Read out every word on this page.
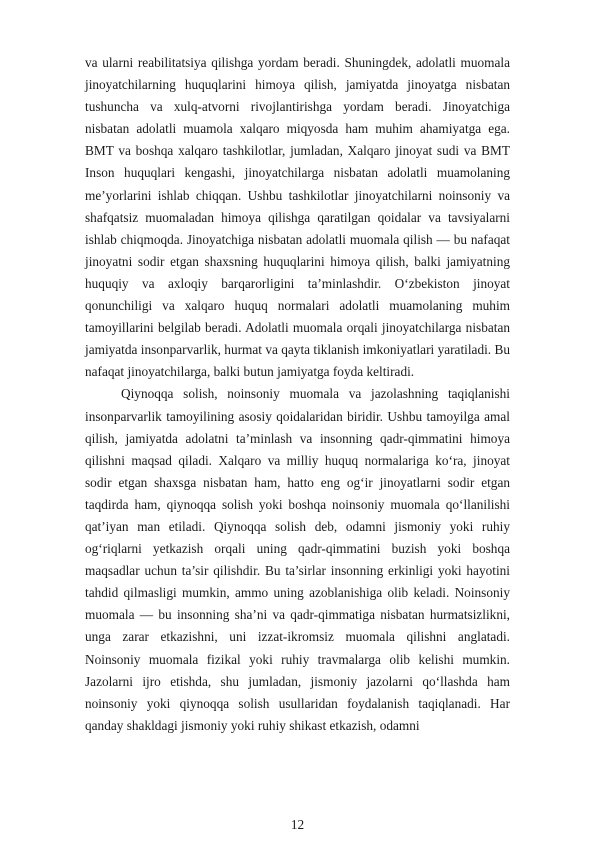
va ularni reabilitatsiya qilishga yordam beradi. Shuningdek, adolatli muomala jinoyatchilarning huquqlarini himoya qilish, jamiyatda jinoyatga nisbatan tushuncha va xulq-atvorni rivojlantirishga yordam beradi. Jinoyatchiga nisbatan adolatli muamola xalqaro miqyosda ham muhim ahamiyatga ega. BMT va boshqa xalqaro tashkilotlar, jumladan, Xalqaro jinoyat sudi va BMT Inson huquqlari kengashi, jinoyatchilarga nisbatan adolatli muamolaning me’yorlarini ishlab chiqqan. Ushbu tashkilotlar jinoyatchilarni noinsoniy va shafqatsiz muomaladan himoya qilishga qaratilgan qoidalar va tavsiyalarni ishlab chiqmoqda. Jinoyatchiga nisbatan adolatli muomala qilish — bu nafaqat jinoyatni sodir etgan shaxsning huquqlarini himoya qilish, balki jamiyatning huquqiy va axloqiy barqarorligini ta’minlashdir. O‘zbekiston jinoyat qonunchiligi va xalqaro huquq normalari adolatli muamolaning muhim tamoyillarini belgilab beradi. Adolatli muomala orqali jinoyatchilarga nisbatan jamiyatda insonparvarlik, hurmat va qayta tiklanish imkoniyatlari yaratiladi. Bu nafaqat jinoyatchilarga, balki butun jamiyatga foyda keltiradi.

Qiynoqqa solish, noinsoniy muomala va jazolashning taqiqlanishi insonparvarlik tamoyilining asosiy qoidalaridan biridir. Ushbu tamoyilga amal qilish, jamiyatda adolatni ta’minlash va insonning qadr-qimmatini himoya qilishni maqsad qiladi. Xalqaro va milliy huquq normalariga ko‘ra, jinoyat sodir etgan shaxsga nisbatan ham, hatto eng og‘ir jinoyatlarni sodir etgan taqdirda ham, qiynoqqa solish yoki boshqa noinsoniy muomala qo‘llanilishi qat’iyan man etiladi. Qiynoqqa solish deb, odamni jismoniy yoki ruhiy og‘riqlarni yetkazish orqali uning qadr-qimmatini buzish yoki boshqa maqsadlar uchun ta’sir qilishdir. Bu ta’sirlar insonning erkinligi yoki hayotini tahdid qilmasligi mumkin, ammo uning azoblanishiga olib keladi. Noinsoniy muomala — bu insonning sha’ni va qadr-qimmatiga nisbatan hurmatsizlikni, unga zarar etkazishni, uni izzat-ikromsiz muomala qilishni anglatadi. Noinsoniy muomala fizikal yoki ruhiy travmalarga olib kelishi mumkin. Jazolarni ijro etishda, shu jumladan, jismoniy jazolarni qo‘llashda ham noinsoniy yoki qiynoqqa solish usullaridan foydalanish taqiqlanadi. Har qanday shakldagi jismoniy yoki ruhiy shikast etkazish, odamni

12
